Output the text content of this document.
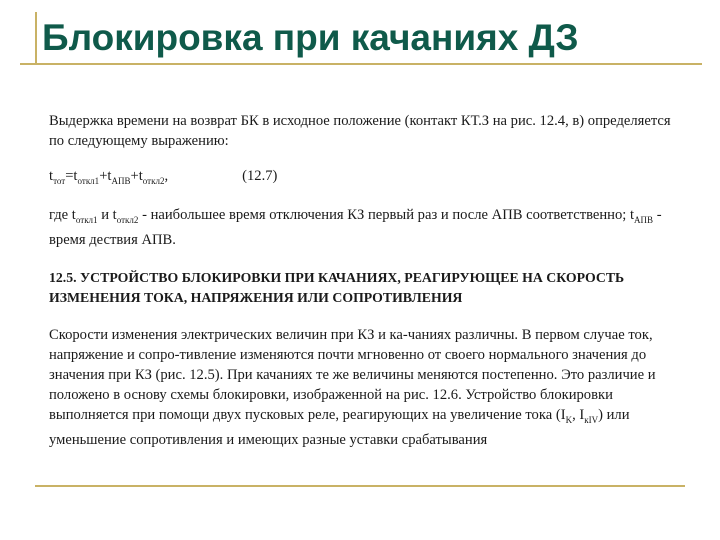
Блокировка при качаниях ДЗ

Выдержка времени на возврат БК в исходное положение (контакт КТ.З на рис. 12.4, в) определяется по следующему выражению:

$t_{тот}=t_{откл1}+t_{АПВ}+t_{откл2}$,	(12.7)

где $t_{откл1}$ и $t_{откл2}$ - наибольшее время отключения КЗ первый раз и после АПВ соответственно; $t_{АПВ}$ - время дествия АПВ.

12.5. УСТРОЙСТВО БЛОКИРОВКИ ПРИ КАЧАНИЯХ, РЕАГИРУЮЩЕЕ НА СКОРОСТЬ ИЗМЕНЕНИЯ ТОКА, НАПРЯЖЕНИЯ ИЛИ СОПРОТИВЛЕНИЯ

Скорости изменения электрических величин при КЗ и ка-чаниях различны. В первом случае ток, напряжение и сопро-тивление изменяются почти мгновенно от своего нормального значения до значения при КЗ (рис. 12.5). При качаниях те же величины меняются постепенно. Это различие и положено в основу схемы блокировки, изображенной на рис. 12.6. Устройство блокировки выполняется при помощи двух пусковых реле, реагирующих на увеличение тока ($I_K$, $I_{кIV}$) или уменьшение сопротивления и имеющих разные уставки срабатывания
